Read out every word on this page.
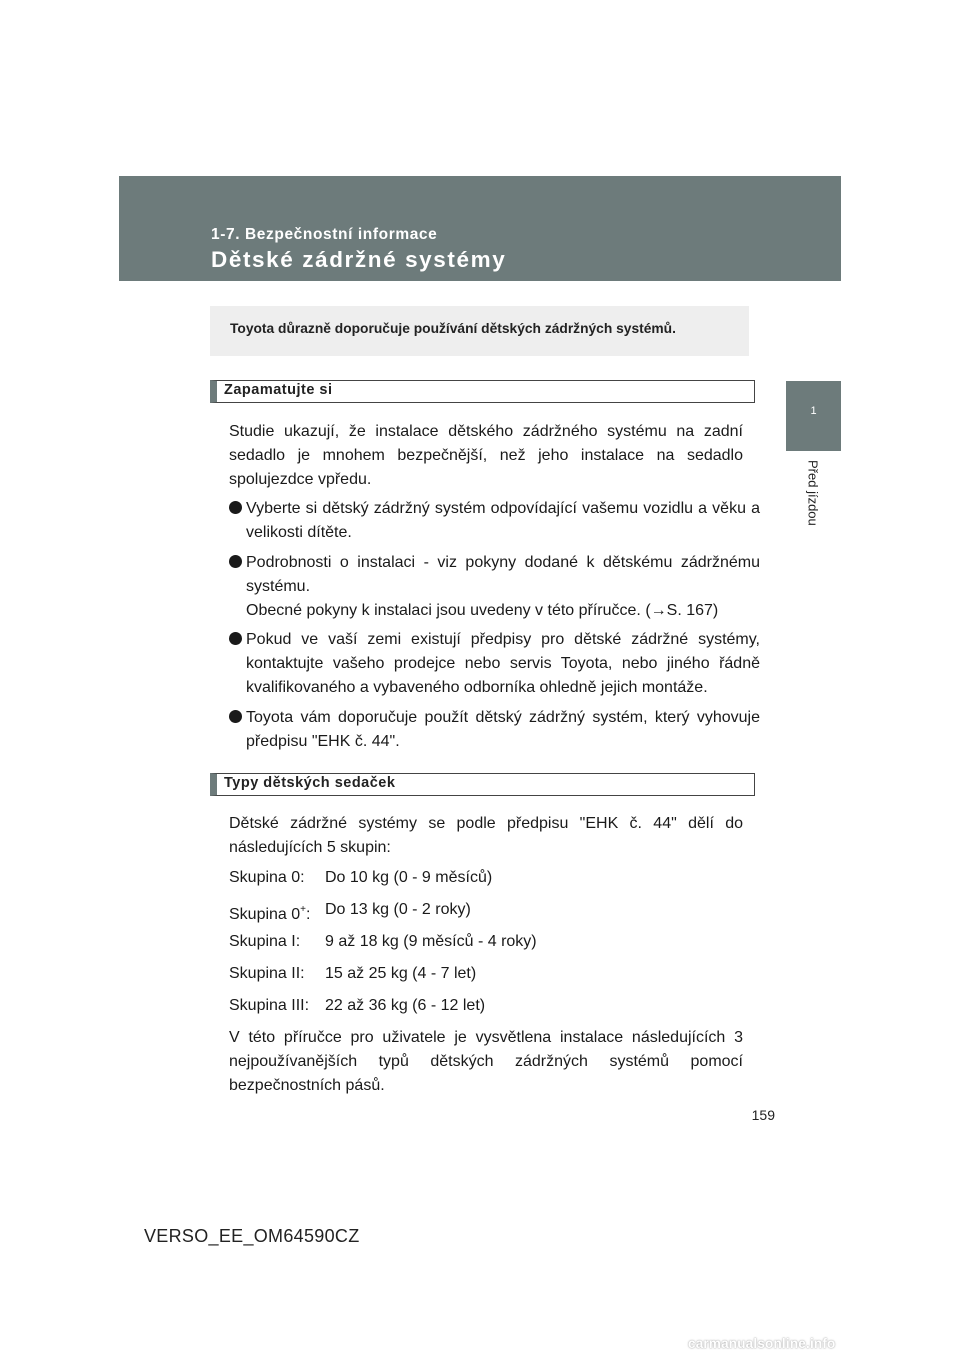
1-7. Bezpečnostní informace
Dětské zádržné systémy
1
Před jízdou
Toyota důrazně doporučuje používání dětských zádržných systémů.
Zapamatujte si

Studie ukazují, že instalace dětského zádržného systému na zadní sedadlo je mnohem bezpečnější, než jeho instalace na sedadlo spolujezdce vpředu.

Vyberte si dětský zádržný systém odpovídající vašemu vozidlu a věku a velikosti dítěte.
Podrobnosti o instalaci - viz pokyny dodané k dětskému zádržnému systému.
Obecné pokyny k instalaci jsou uvedeny v této příručce. (→S. 167)
Pokud ve vaší zemi existují předpisy pro dětské zádržné systémy, kontaktujte vašeho prodejce nebo servis Toyota, nebo jiného řádně kvalifikovaného a vybaveného odborníka ohledně jejich montáže.
Toyota vám doporučuje použít dětský zádržný systém, který vyhovuje předpisu "EHK č. 44".
Typy dětských sedaček

Dětské zádržné systémy se podle předpisu "EHK č. 44" dělí do následujících 5 skupin:

Skupina 0: Do 10 kg (0 - 9 měsíců)
Skupina 0+: Do 13 kg (0 - 2 roky)
Skupina I: 9 až 18 kg (9 měsíců - 4 roky)
Skupina II: 15 až 25 kg (4 - 7 let)
Skupina III: 22 až 36 kg (6 - 12 let)

V této příručce pro uživatele je vysvětlena instalace následujících 3 nejpoužívanějších typů dětských zádržných systémů pomocí bezpečnostních pásů.

159
VERSO_EE_OM64590CZ
carmanualsonline.info
